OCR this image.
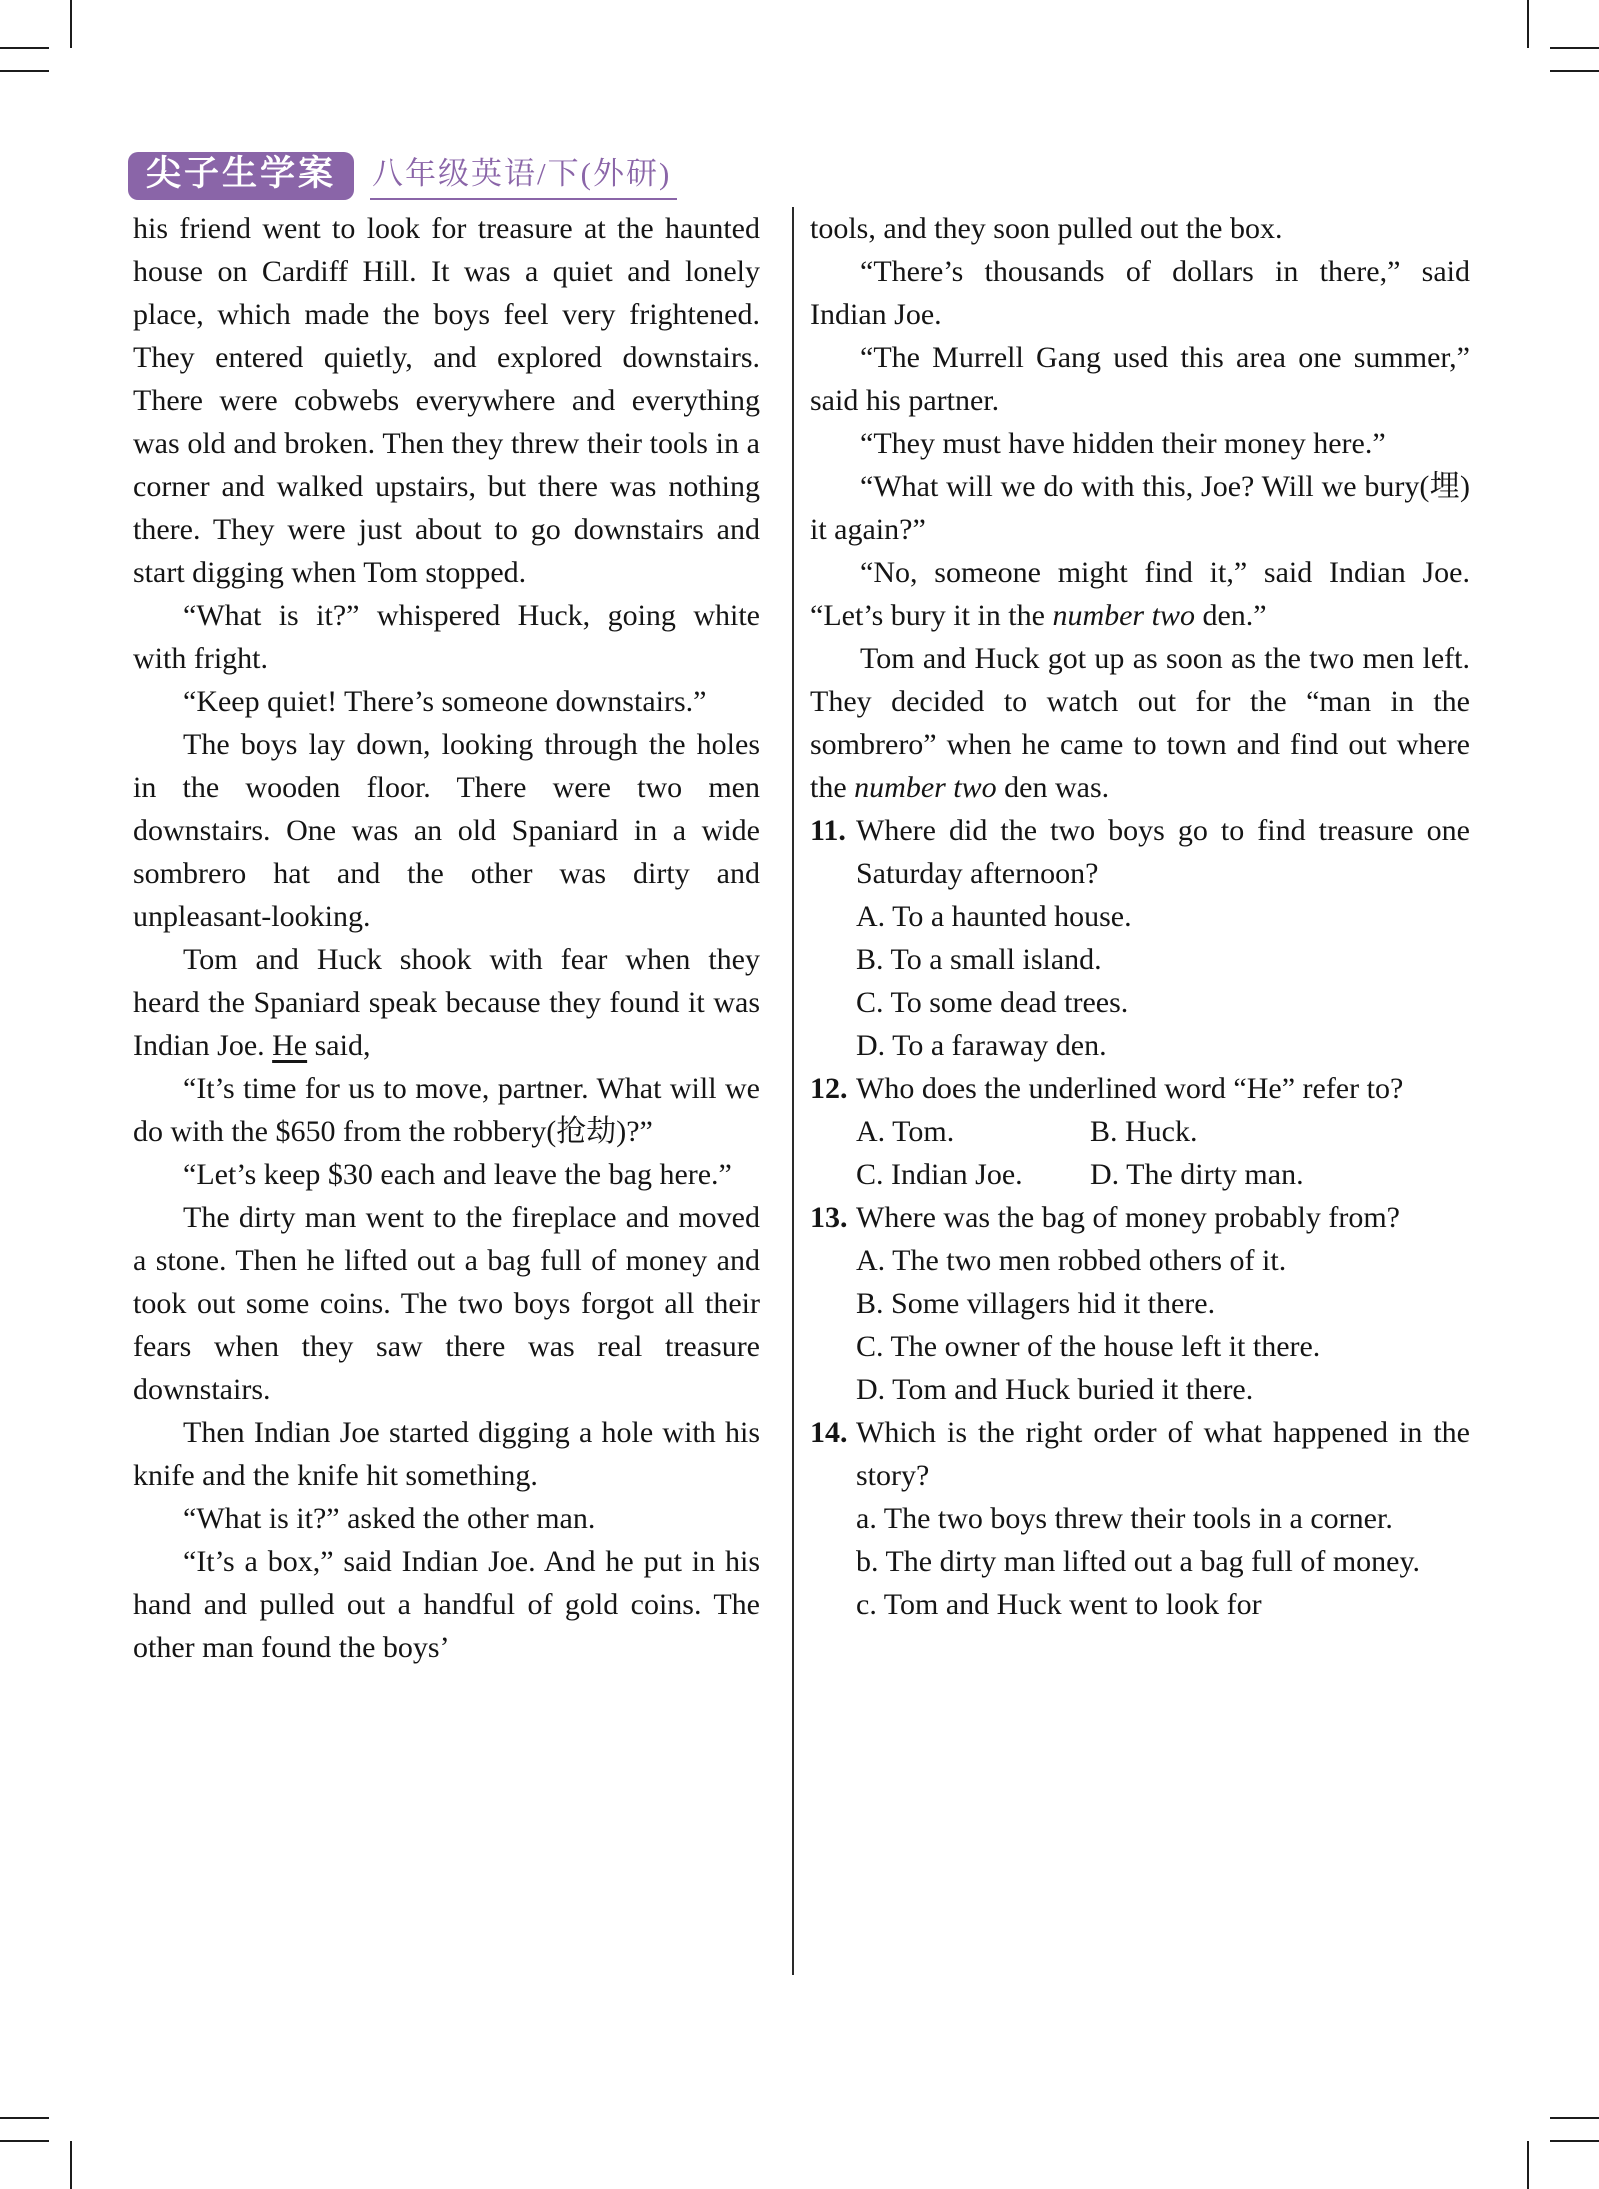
尖子生学案	八年级英语/下(外研)

his friend went to look for treasure at the haunted house on Cardiff Hill. It was a quiet and lonely place, which made the boys feel very frightened. They entered quietly, and explored downstairs. There were cobwebs everywhere and everything was old and broken. Then they threw their tools in a corner and walked upstairs, but there was nothing there. They were just about to go downstairs and start digging when Tom stopped.

“What is it?” whispered Huck, going white with fright.

“Keep quiet! There’s someone downstairs.”

The boys lay down, looking through the holes in the wooden floor. There were two men downstairs. One was an old Spaniard in a wide sombrero hat and the other was dirty and unpleasant-looking.

Tom and Huck shook with fear when they heard the Spaniard speak because they found it was Indian Joe. He said,

“It’s time for us to move, partner. What will we do with the $650 from the robbery(抢劫)?”

“Let’s keep $30 each and leave the bag here.”

The dirty man went to the fireplace and moved a stone. Then he lifted out a bag full of money and took out some coins. The two boys forgot all their fears when they saw there was real treasure downstairs.

Then Indian Joe started digging a hole with his knife and the knife hit something.

“What is it?” asked the other man.

“It’s a box,” said Indian Joe. And he put in his hand and pulled out a handful of gold coins. The other man found the boys’

tools, and they soon pulled out the box.

“There’s thousands of dollars in there,” said Indian Joe.

“The Murrell Gang used this area one summer,” said his partner.

“They must have hidden their money here.”

“What will we do with this, Joe? Will we bury(埋) it again?”

“No, someone might find it,” said Indian Joe. “Let’s bury it in the number two den.”

Tom and Huck got up as soon as the two men left. They decided to watch out for the “man in the sombrero” when he came to town and find out where the number two den was.

11. Where did the two boys go to find treasure one Saturday afternoon?
A. To a haunted house.
B. To a small island.
C. To some dead trees.
D. To a faraway den.
12. Who does the underlined word “He” refer to?
A. Tom.	B. Huck.
C. Indian Joe.	D. The dirty man.
13. Where was the bag of money probably from?
A. The two men robbed others of it.
B. Some villagers hid it there.
C. The owner of the house left it there.
D. Tom and Huck buried it there.
14. Which is the right order of what happened in the story?
a. The two boys threw their tools in a corner.
b. The dirty man lifted out a bag full of money.
c. Tom and Huck went to look for
